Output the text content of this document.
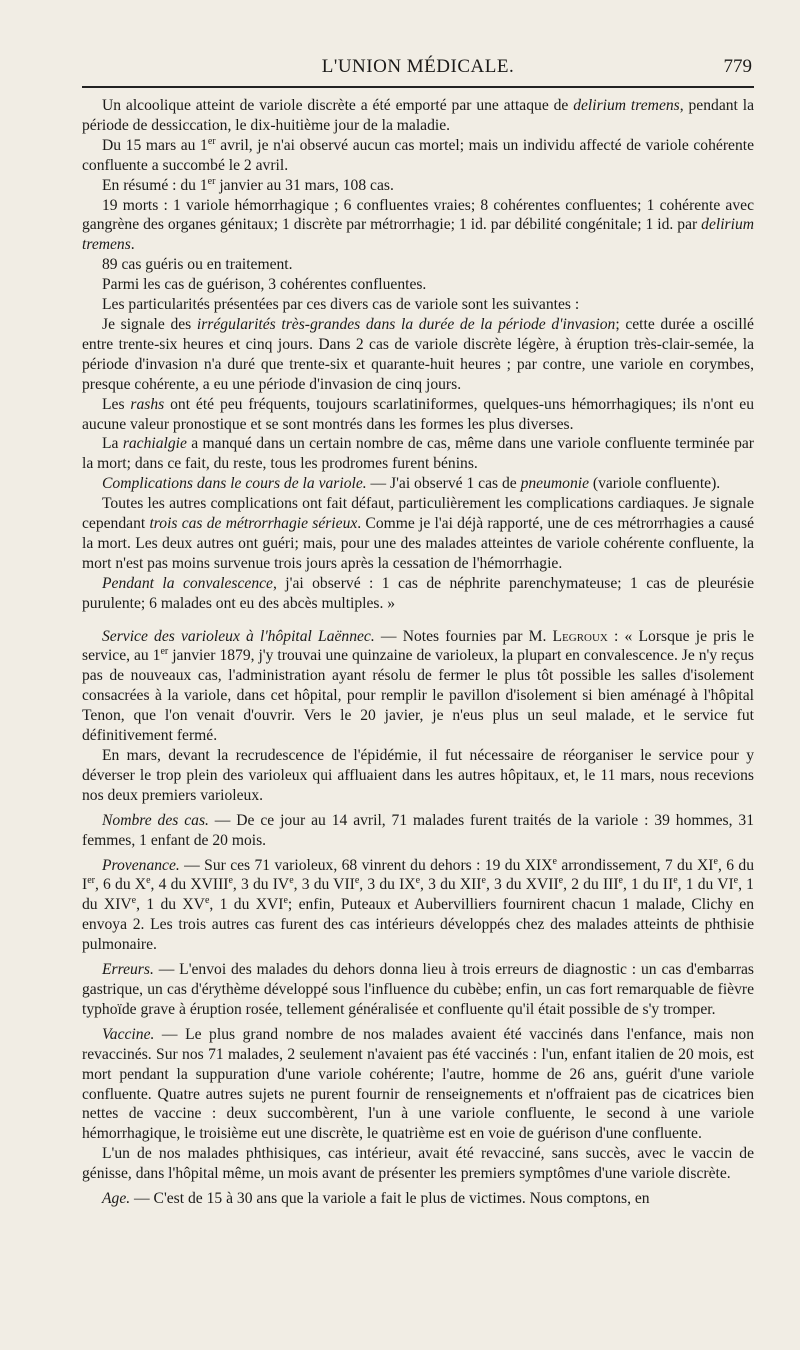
L'UNION MÉDICALE.	779

Un alcoolique atteint de variole discrète a été emporté par une attaque de delirium tremens, pendant la période de dessiccation, le dix-huitième jour de la maladie.

Du 15 mars au 1er avril, je n'ai observé aucun cas mortel; mais un individu affecté de variole cohérente confluente a succombé le 2 avril.

En résumé : du 1er janvier au 31 mars, 108 cas.

19 morts : 1 variole hémorrhagique ; 6 confluentes vraies; 8 cohérentes confluentes; 1 cohérente avec gangrène des organes génitaux; 1 discrète par métrorrhagie; 1 id. par débilité congénitale; 1 id. par delirium tremens.

89 cas guéris ou en traitement.

Parmi les cas de guérison, 3 cohérentes confluentes.

Les particularités présentées par ces divers cas de variole sont les suivantes :

Je signale des irrégularités très-grandes dans la durée de la période d'invasion; cette durée a oscillé entre trente-six heures et cinq jours. Dans 2 cas de variole discrète légère, à éruption très-clair-semée, la période d'invasion n'a duré que trente-six et quarante-huit heures ; par contre, une variole en corymbes, presque cohérente, a eu une période d'invasion de cinq jours.

Les rashs ont été peu fréquents, toujours scarlatiniformes, quelques-uns hémorrhagiques; ils n'ont eu aucune valeur pronostique et se sont montrés dans les formes les plus diverses.

La rachialgie a manqué dans un certain nombre de cas, même dans une variole confluente terminée par la mort; dans ce fait, du reste, tous les prodromes furent bénins.

Complications dans le cours de la variole. — J'ai observé 1 cas de pneumonie (variole confluente).

Toutes les autres complications ont fait défaut, particulièrement les complications cardiaques. Je signale cependant trois cas de métrorrhagie sérieux. Comme je l'ai déjà rapporté, une de ces métrorrhagies a causé la mort. Les deux autres ont guéri; mais, pour une des malades atteintes de variole cohérente confluente, la mort n'est pas moins survenue trois jours après la cessation de l'hémorrhagie.

Pendant la convalescence, j'ai observé : 1 cas de néphrite parenchymateuse; 1 cas de pleurésie purulente; 6 malades ont eu des abcès multiples. »

Service des varioleux à l'hôpital Laënnec. — Notes fournies par M. Legroux : « Lorsque je pris le service, au 1er janvier 1879, j'y trouvai une quinzaine de varioleux, la plupart en convalescence. Je n'y reçus pas de nouveaux cas, l'administration ayant résolu de fermer le plus tôt possible les salles d'isolement consacrées à la variole, dans cet hôpital, pour remplir le pavillon d'isolement si bien aménagé à l'hôpital Tenon, que l'on venait d'ouvrir. Vers le 20 javier, je n'eus plus un seul malade, et le service fut définitivement fermé.

En mars, devant la recrudescence de l'épidémie, il fut nécessaire de réorganiser le service pour y déverser le trop plein des varioleux qui affluaient dans les autres hôpitaux, et, le 11 mars, nous recevions nos deux premiers varioleux.

Nombre des cas. — De ce jour au 14 avril, 71 malades furent traités de la variole : 39 hommes, 31 femmes, 1 enfant de 20 mois.

Provenance. — Sur ces 71 varioleux, 68 vinrent du dehors : 19 du XIXe arrondissement, 7 du XIe, 6 du Ier, 6 du Xe, 4 du XVIIIe, 3 du IVe, 3 du VIIe, 3 du IXe, 3 du XIIe, 3 du XVIIe, 2 du IIIe, 1 du IIe, 1 du VIe, 1 du XIVe, 1 du XVe, 1 du XVIe; enfin, Puteaux et Aubervilliers fournirent chacun 1 malade, Clichy en envoya 2. Les trois autres cas furent des cas intérieurs développés chez des malades atteints de phthisie pulmonaire.

Erreurs. — L'envoi des malades du dehors donna lieu à trois erreurs de diagnostic : un cas d'embarras gastrique, un cas d'érythème développé sous l'influence du cubèbe; enfin, un cas fort remarquable de fièvre typhoïde grave à éruption rosée, tellement généralisée et confluente qu'il était possible de s'y tromper.

Vaccine. — Le plus grand nombre de nos malades avaient été vaccinés dans l'enfance, mais non revaccinés. Sur nos 71 malades, 2 seulement n'avaient pas été vaccinés : l'un, enfant italien de 20 mois, est mort pendant la suppuration d'une variole cohérente; l'autre, homme de 26 ans, guérit d'une variole confluente. Quatre autres sujets ne purent fournir de renseignements et n'offraient pas de cicatrices bien nettes de vaccine : deux succombèrent, l'un à une variole confluente, le second à une variole hémorrhagique, le troisième eut une discrète, le quatrième est en voie de guérison d'une confluente.

L'un de nos malades phthisiques, cas intérieur, avait été revacciné, sans succès, avec le vaccin de génisse, dans l'hôpital même, un mois avant de présenter les premiers symptômes d'une variole discrète.

Age. — C'est de 15 à 30 ans que la variole a fait le plus de victimes. Nous comptons, en
